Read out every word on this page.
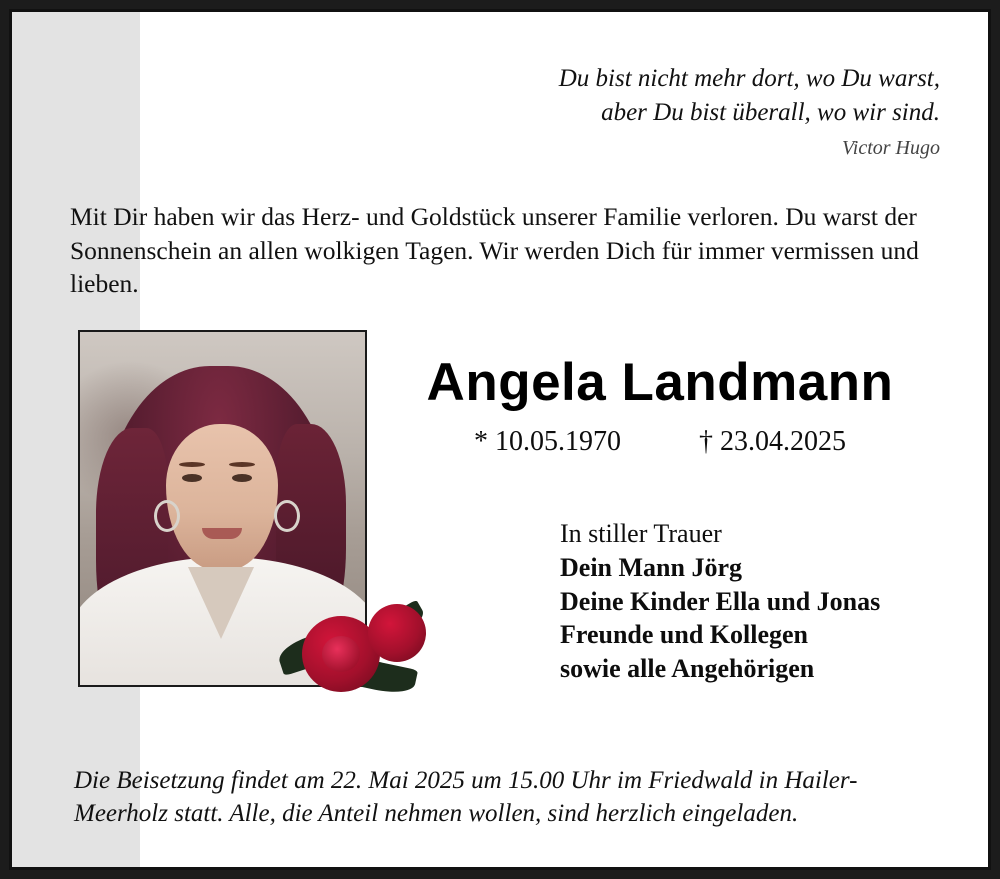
Du bist nicht mehr dort, wo Du warst,
aber Du bist überall, wo wir sind.
Victor Hugo
Mit Dir haben wir das Herz- und Goldstück unserer Familie verloren. Du warst der Sonnenschein an allen wolkigen Tagen. Wir werden Dich für immer vermissen und lieben.
Angela Landmann
* 10.05.1970	† 23.04.2025
In stiller Trauer
Dein Mann Jörg
Deine Kinder Ella und Jonas
Freunde und Kollegen
sowie alle Angehörigen
Die Beisetzung findet am 22. Mai 2025 um 15.00 Uhr im Friedwald in Hailer-Meerholz statt. Alle, die Anteil nehmen wollen, sind herzlich eingeladen.
